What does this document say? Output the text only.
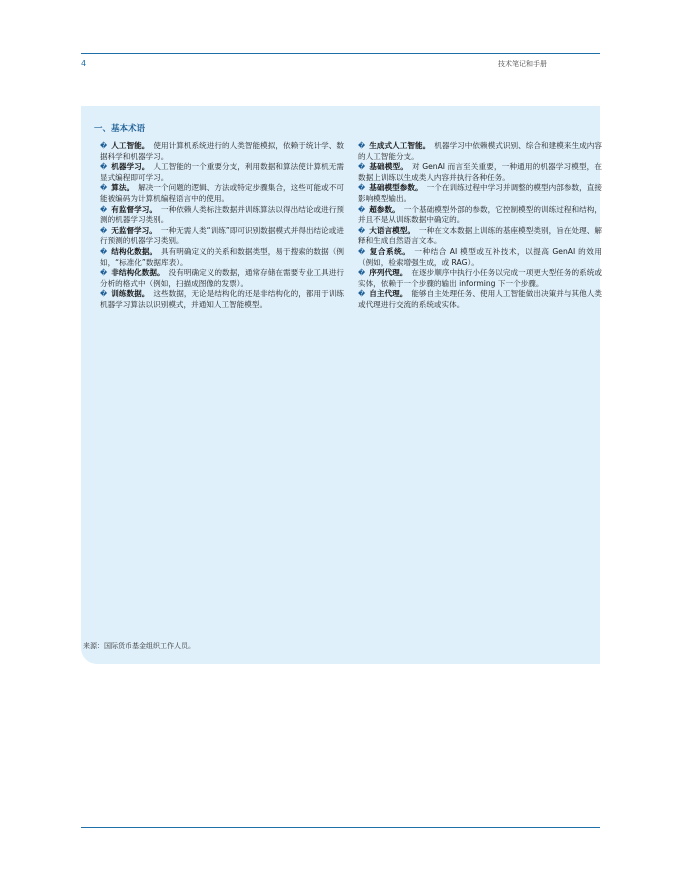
4	技术笔记和手册
一、基本术语

� 人工智能。 使用计算机系统进行的人类智能模拟，依赖于统计学、数据科学和机器学习。

� 机器学习。 人工智能的一个重要分支，利用数据和算法使计算机无需显式编程即可学习。

� 算法。 解决一个问题的逻辑、方法或特定步骤集合，这些可能或不可能被编码为计算机编程语言中的使用。

� 有监督学习。 一种依赖人类标注数据并训练算法以得出结论或进行预测的机器学习类别。

� 无监督学习。 一种无需人类“训练”即可识别数据模式并得出结论或进行预测的机器学习类别。

� 结构化数据。 具有明确定义的关系和数据类型，易于搜索的数据（例如，“标准化”数据库表）。

� 非结构化数据。 没有明确定义的数据，通常存储在需要专业工具进行分析的格式中（例如，扫描成图像的发票）。

� 训练数据。 这些数据，无论是结构化的还是非结构化的，都用于训练机器学习算法以识别模式，并通知人工智能模型。

� 生成式人工智能。 机器学习中依赖模式识别、综合和建模来生成内容的人工智能分支。

� 基础模型。 对 GenAI 而言至关重要，一种通用的机器学习模型，在数据上训练以生成类人内容并执行各种任务。

� 基础模型参数。 一个在训练过程中学习并调整的模型内部参数，直接影响模型输出。

� 超参数。 一个基础模型外部的参数，它控制模型的训练过程和结构，并且不是从训练数据中确定的。

� 大语言模型。 一种在文本数据上训练的基座模型类别，旨在处理、解释和生成自然语言文本。

� 复合系统。 一种结合 AI 模型或互补技术，以提高 GenAI 的效用（例如，检索增强生成，或 RAG）。

� 序列代理。 在逐步顺序中执行小任务以完成一项更大型任务的系统或实体，依赖于一个步骤的输出 informing 下一个步骤。

� 自主代理。 能够自主处理任务、使用人工智能做出决策并与其他人类或代理进行交流的系统或实体。

来源：国际货币基金组织工作人员。
